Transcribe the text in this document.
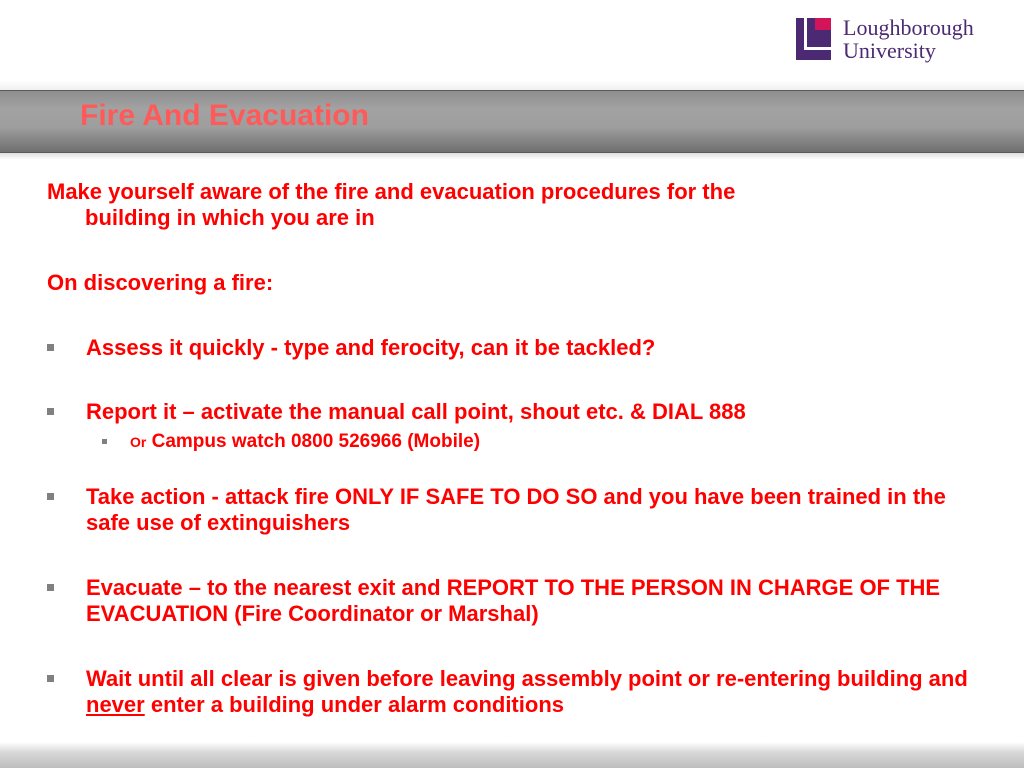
Loughborough
University
Fire And Evacuation
Make yourself aware of the fire and evacuation procedures for the
building in which you are in
On discovering a fire:
Assess it quickly - type and ferocity, can it be tackled?
Report it – activate the manual call point, shout etc. & DIAL 888
Or Campus watch 0800 526966 (Mobile)
Take action - attack fire ONLY IF SAFE TO DO SO and you have been trained in the safe use of extinguishers
Evacuate – to the nearest exit and REPORT TO THE PERSON IN CHARGE OF THE EVACUATION (Fire Coordinator or Marshal)
Wait until all clear is given before leaving assembly point or re-entering building and never enter a building under alarm conditions
